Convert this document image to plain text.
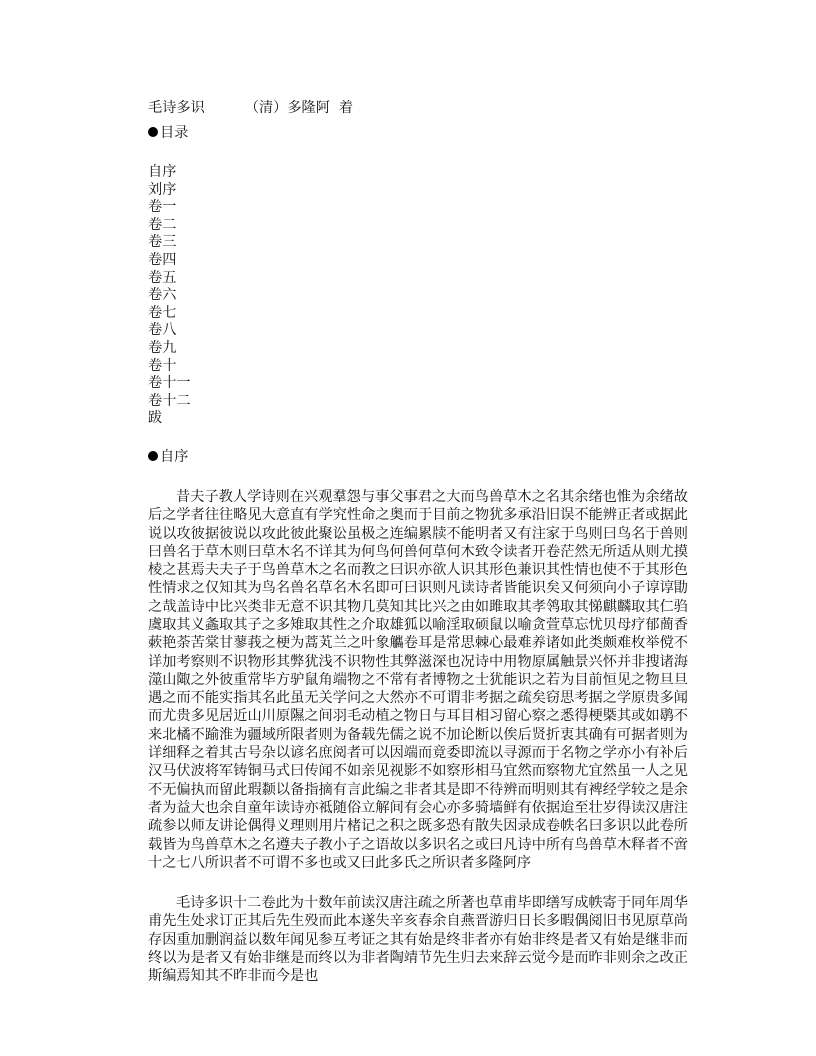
毛诗多识	（清）多隆阿  着
目录
自序
刘序
卷一
卷二
卷三
卷四
卷五
卷六
卷七
卷八
卷九
卷十
卷十一
卷十二
跋
自序

昔夫子教人学诗则在兴观羣怨与事父事君之大而鸟兽草木之名其余绪也惟为余绪故后之学者往往略见大意直有学究性命之奥而于目前之物犹多承沿旧误不能辨正者或据此说以攻彼据彼说以攻此彼此聚讼虽极之连编累牍不能明者又有注家于鸟则曰鸟名于兽则曰兽名于草木则曰草木名不详其为何鸟何兽何草何木致令读者开卷茫然无所适从则尤摸棱之甚焉夫夫子于鸟兽草木之名而教之曰识亦欲人识其形色兼识其性情也使不于其形色性情求之仅知其为鸟名兽名草名木名即可曰识则凡读诗者皆能识矣又何须向小子谆谆勖之哉盖诗中比兴类非无意不识其物几莫知其比兴之由如雎取其孝鸰取其悌麒麟取其仁驺虞取其义螽取其子之多雉取其性之介取雄狐以喻淫取硕鼠以喻贪萱草忘忧贝母疗郁蕳香蔌艳荼苦棠甘蓼莪之梗为蒿芄兰之叶象觿卷耳是常思棘心最难养诸如此类颇难枚举傥不详加考察则不识物形其弊犹浅不识物性其弊滋深也况诗中用物原属触景兴怀并非搜诸海澨山陬之外彼重常毕方驴鼠角端物之不常有者博物之士犹能识之若为目前恒见之物旦旦遇之而不能实指其名此虽无关学问之大然亦不可谓非考据之疏矣窃思考据之学原贵多闻而尤贵多见居近山川原隰之间羽毛动植之物日与耳目相习留心察之悉得梗槩其或如鹖不来北橘不踰淮为疆域所限者则为备载先儒之说不加论断以俟后贤折衷其确有可据者则为详细释之着其古号杂以谚名庶阅者可以因端而竟委即流以寻源而于名物之学亦小有补后汉马伏波将军铸铜马式曰传闻不如亲见视影不如察形相马宜然而察物尤宜然虽一人之见不无偏执而留此瑕颣以备指摘有言此编之非者其是即不待辨而明则其有裨经学较之是余者为益大也余自童年读诗亦祗随俗立解间有会心亦多骑墙鲜有依据迨至壮岁得读汉唐注疏参以师友讲论偶得义理则用片楮记之积之既多恐有散失因录成卷帙名曰多识以此卷所载皆为鸟兽草木之名遵夫子教小子之语故以多识名之或曰凡诗中所有鸟兽草木释者不啻十之七八所识者不可谓不多也或又曰此多氏之所识者多隆阿序

毛诗多识十二卷此为十数年前读汉唐注疏之所著也草甫毕即缮写成帙寄于同年周华甫先生处求订正其后先生殁而此本遂失辛亥春余自燕晋游归日长多暇偶阅旧书见原草尚存因重加删润益以数年闻见参互考证之其有始是终非者亦有始非终是者又有始是继非而终以为是者又有始非继是而终以为非者陶靖节先生归去来辞云觉今是而昨非则余之改正斯编焉知其不昨非而今是也
